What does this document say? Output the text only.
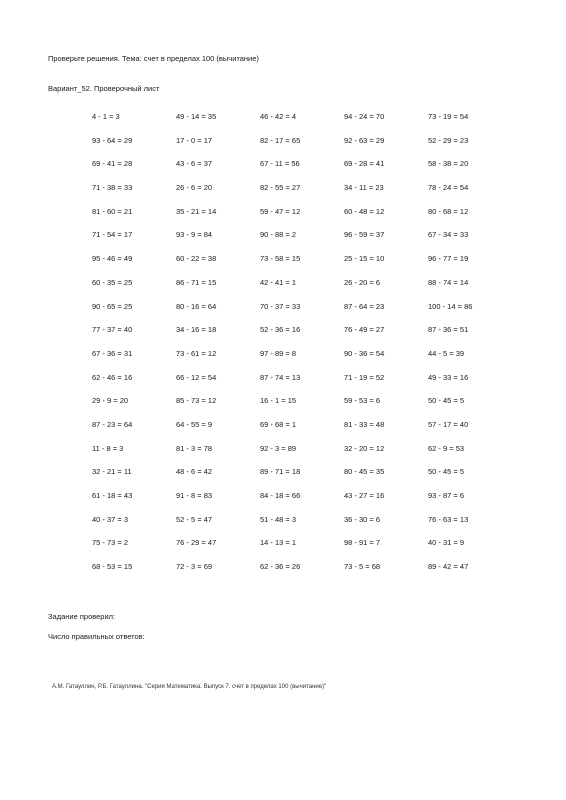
Проверьте решения. Тема: счет в пределах 100 (вычитание)
Вариант_52. Проверочный лист
4 - 1 = 3	49 - 14 = 35	46 - 42 = 4	94 - 24 = 70	73 - 19 = 54
93 - 64 = 29	17 - 0 = 17	82 - 17 = 65	92 - 63 = 29	52 - 29 = 23
69 - 41 = 28	43 - 6 = 37	67 - 11 = 56	69 - 28 = 41	58 - 38 = 20
71 - 38 = 33	26 - 6 = 20	82 - 55 = 27	34 - 11 = 23	78 - 24 = 54
81 - 60 = 21	35 - 21 = 14	59 - 47 = 12	60 - 48 = 12	80 - 68 = 12
71 - 54 = 17	93 - 9 = 84	90 - 88 = 2	96 - 59 = 37	67 - 34 = 33
95 - 46 = 49	60 - 22 = 38	73 - 58 = 15	25 - 15 = 10	96 - 77 = 19
60 - 35 = 25	86 - 71 = 15	42 - 41 = 1	26 - 20 = 6	88 - 74 = 14
90 - 65 = 25	80 - 16 = 64	70 - 37 = 33	87 - 64 = 23	100 - 14 = 86
77 - 37 = 40	34 - 16 = 18	52 - 36 = 16	76 - 49 = 27	87 - 36 = 51
67 - 36 = 31	73 - 61 = 12	97 - 89 = 8	90 - 36 = 54	44 - 5 = 39
62 - 46 = 16	66 - 12 = 54	87 - 74 = 13	71 - 19 = 52	49 - 33 = 16
29 - 9 = 20	85 - 73 = 12	16 - 1 = 15	59 - 53 = 6	50 - 45 = 5
87 - 23 = 64	64 - 55 = 9	69 - 68 = 1	81 - 33 = 48	57 - 17 = 40
11 - 8 = 3	81 - 3 = 78	92 - 3 = 89	32 - 20 = 12	62 - 9 = 53
32 - 21 = 11	48 - 6 = 42	89 - 71 = 18	80 - 45 = 35	50 - 45 = 5
61 - 18 = 43	91 - 8 = 83	84 - 18 = 66	43 - 27 = 16	93 - 87 = 6
40 - 37 = 3	52 - 5 = 47	51 - 48 = 3	36 - 30 = 6	76 - 63 = 13
75 - 73 = 2	76 - 29 = 47	14 - 13 = 1	98 - 91 = 7	40 - 31 = 9
68 - 53 = 15	72 - 3 = 69	62 - 36 = 26	73 - 5 = 68	89 - 42 = 47
Задание проверил:
Число правильных ответов:
А.М. Гатауллин, Р.Б. Гатауллина. "Серия Математика. Выпуск 7. счет в пределах 100 (вычитание)"
